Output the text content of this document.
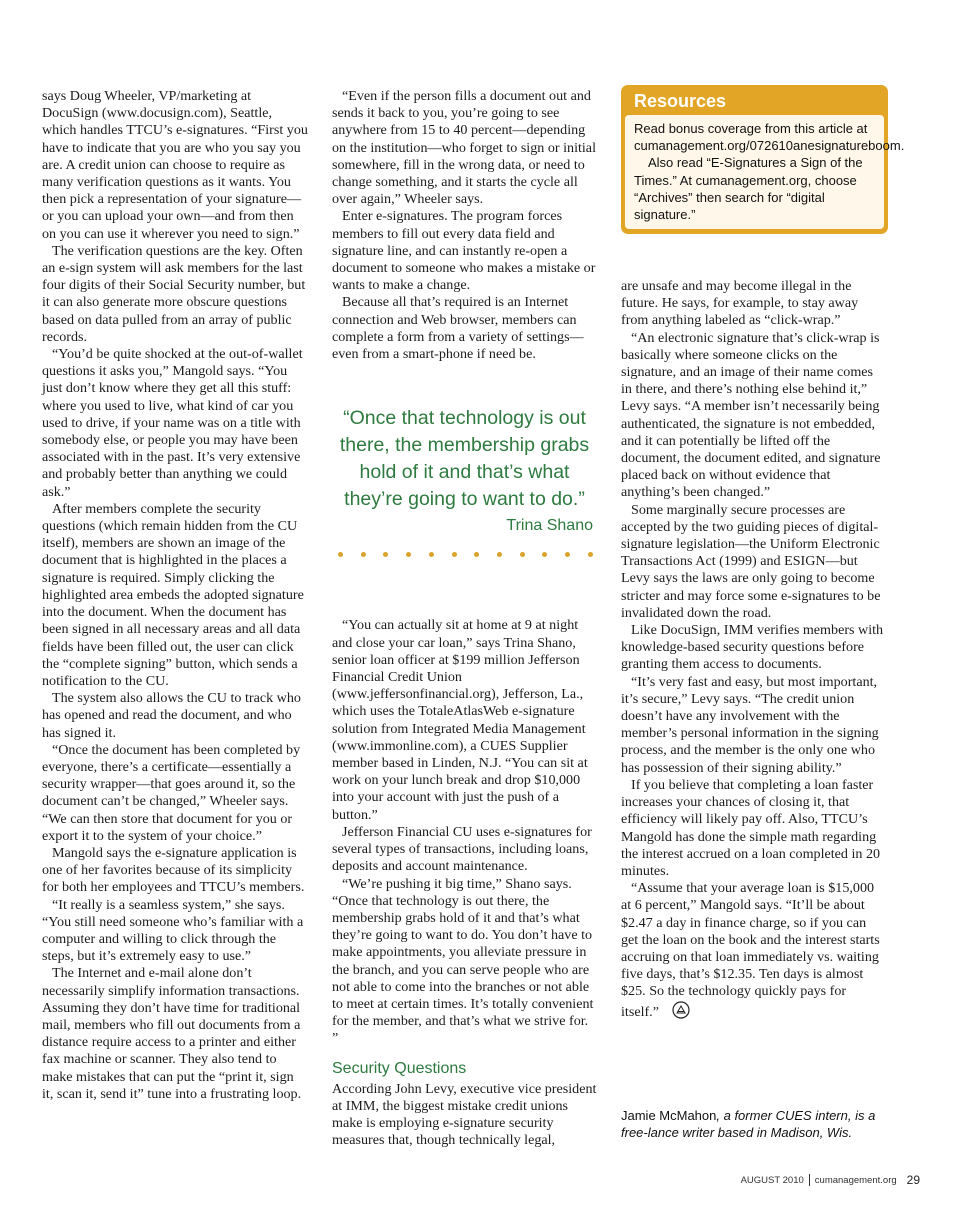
says Doug Wheeler, VP/marketing at DocuSign (www.docusign.com), Seattle, which handles TTCU’s e-signatures. “First you have to indicate that you are who you say you are. A credit union can choose to require as many verification questions as it wants. You then pick a representation of your signature—or you can upload your own—and from then on you can use it wherever you need to sign.”

The verification questions are the key. Often an e-sign system will ask members for the last four digits of their Social Security number, but it can also generate more obscure questions based on data pulled from an array of public records.

“You’d be quite shocked at the out-of-wallet questions it asks you,” Mangold says. “You just don’t know where they get all this stuff: where you used to live, what kind of car you used to drive, if your name was on a title with somebody else, or people you may have been associated with in the past. It’s very extensive and probably better than anything we could ask.”

After members complete the security questions (which remain hidden from the CU itself), members are shown an image of the document that is highlighted in the places a signature is required. Simply clicking the highlighted area embeds the adopted signature into the document. When the document has been signed in all necessary areas and all data fields have been filled out, the user can click the “complete signing” button, which sends a notification to the CU.

The system also allows the CU to track who has opened and read the document, and who has signed it.

“Once the document has been completed by everyone, there’s a certificate—essentially a security wrapper—that goes around it, so the document can’t be changed,” Wheeler says. “We can then store that document for you or export it to the system of your choice.”

Mangold says the e-signature application is one of her favorites because of its simplicity for both her employees and TTCU’s members.

“It really is a seamless system,” she says. “You still need someone who’s familiar with a computer and willing to click through the steps, but it’s extremely easy to use.”

The Internet and e-mail alone don’t necessarily simplify information transactions. Assuming they don’t have time for traditional mail, members who fill out documents from a distance require access to a printer and either fax machine or scanner. They also tend to make mistakes that can put the “print it, sign it, scan it, send it” tune into a frustrating loop.

“Even if the person fills a document out and sends it back to you, you’re going to see anywhere from 15 to 40 percent—depending on the institution—who forget to sign or initial somewhere, fill in the wrong data, or need to change something, and it starts the cycle all over again,” Wheeler says.

Enter e-signatures. The program forces members to fill out every data field and signature line, and can instantly re-open a document to someone who makes a mistake or wants to make a change.

Because all that’s required is an Internet connection and Web browser, members can complete a form from a variety of settings—even from a smart-phone if need be.

“Once that technology is out there, the membership grabs hold of it and that’s what they’re going to want to do.”
Trina Shano

“You can actually sit at home at 9 at night and close your car loan,” says Trina Shano, senior loan officer at $199 million Jefferson Financial Credit Union (www.jeffersonfinancial.org), Jefferson, La., which uses the TotaleAtlasWeb e-signature solution from Integrated Media Management (www.immonline.com), a CUES Supplier member based in Linden, N.J. “You can sit at work on your lunch break and drop $10,000 into your account with just the push of a button.”

Jefferson Financial CU uses e-signatures for several types of transactions, including loans, deposits and account maintenance.

“We’re pushing it big time,” Shano says. “Once that technology is out there, the membership grabs hold of it and that’s what they’re going to want to do. You don’t have to make appointments, you alleviate pressure in the branch, and you can serve people who are not able to come into the branches or not able to meet at certain times. It’s totally convenient for the member, and that’s what we strive for. ”

Security Questions

According John Levy, executive vice president at IMM, the biggest mistake credit unions make is employing e-signature security measures that, though technically legal,

Resources

Read bonus coverage from this article at cumanagement.org/072610anesignatureboom.

Also read “E-Signatures a Sign of the Times.” At cumanagement.org, choose “Archives” then search for “digital signature.”

are unsafe and may become illegal in the future. He says, for example, to stay away from anything labeled as “click-wrap.”

“An electronic signature that’s click-wrap is basically where someone clicks on the signature, and an image of their name comes in there, and there’s nothing else behind it,” Levy says. “A member isn’t necessarily being authenticated, the signature is not embedded, and it can potentially be lifted off the document, the document edited, and signature placed back on without evidence that anything’s been changed.”

Some marginally secure processes are accepted by the two guiding pieces of digital-signature legislation—the Uniform Electronic Transactions Act (1999) and ESIGN—but Levy says the laws are only going to become stricter and may force some e-signatures to be invalidated down the road.

Like DocuSign, IMM verifies members with knowledge-based security questions before granting them access to documents.

“It’s very fast and easy, but most important, it’s secure,” Levy says. “The credit union doesn’t have any involvement with the member’s personal information in the signing process, and the member is the only one who has possession of their signing ability.”

If you believe that completing a loan faster increases your chances of closing it, that efficiency will likely pay off. Also, TTCU’s Mangold has done the simple math regarding the interest accrued on a loan completed in 20 minutes.

“Assume that your average loan is $15,000 at 6 percent,” Mangold says. “It’ll be about $2.47 a day in finance charge, so if you can get the loan on the book and the interest starts accruing on that loan immediately vs. waiting five days, that’s $12.35. Ten days is almost $25. So the technology quickly pays for itself.”

Jamie McMahon, a former CUES intern, is a free-lance writer based in Madison, Wis.
AUGUST 2010 cumanagement.org 29
